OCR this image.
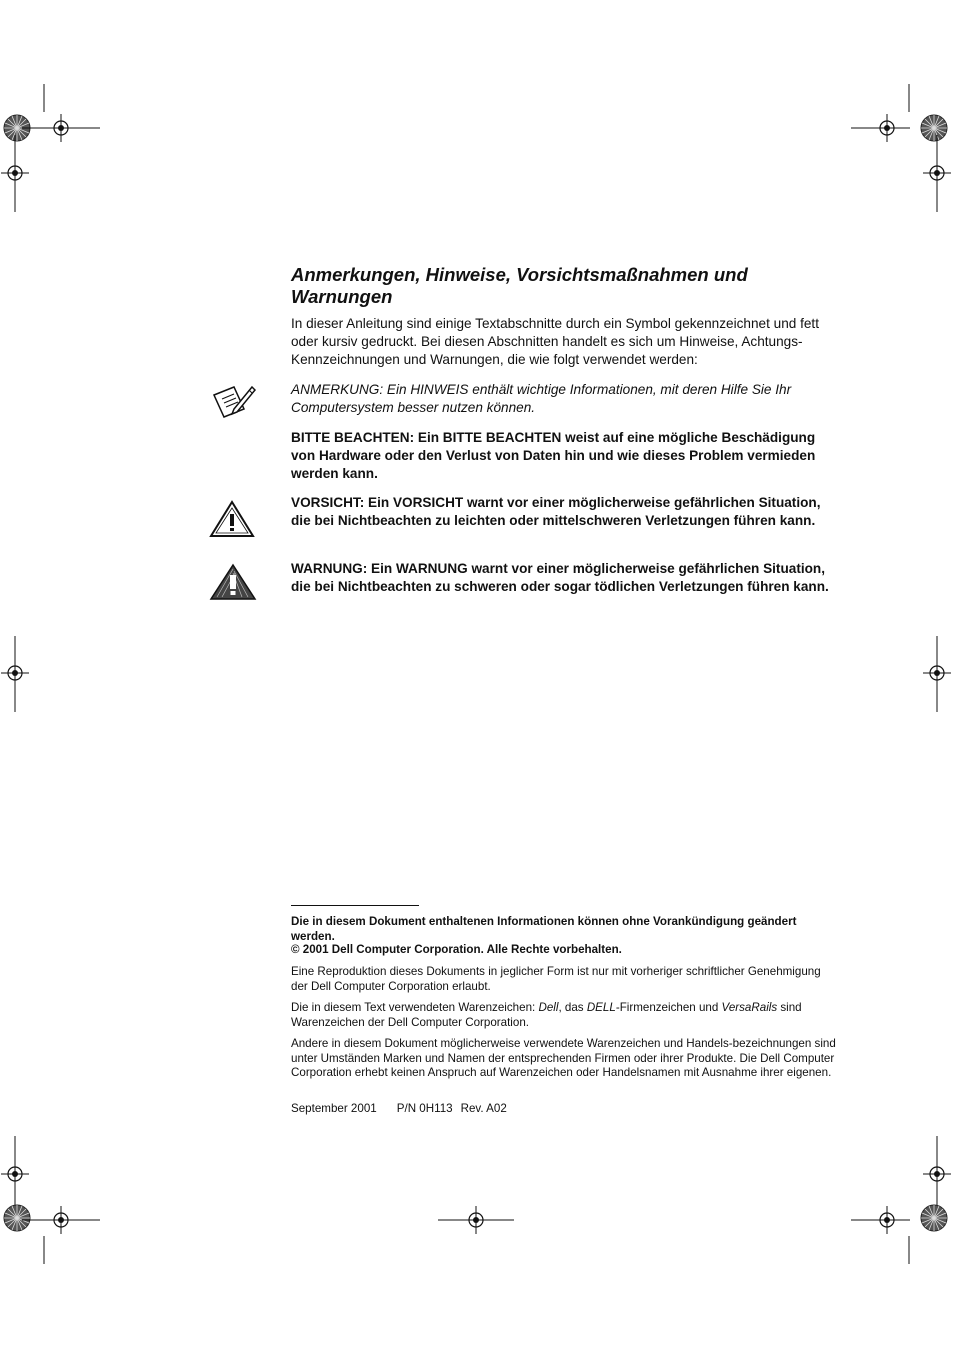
Anmerkungen, Hinweise, Vorsichtsmaßnahmen und Warnungen
In dieser Anleitung sind einige Textabschnitte durch ein Symbol gekennzeichnet und fett oder kursiv gedruckt. Bei diesen Abschnitten handelt es sich um Hinweise, Achtungs-Kennzeichnungen und Warnungen, die wie folgt verwendet werden:
ANMERKUNG: Ein HINWEIS enthält wichtige Informationen, mit deren Hilfe Sie Ihr Computersystem besser nutzen können.
BITTE BEACHTEN: Ein BITTE BEACHTEN weist auf eine mögliche Beschädigung von Hardware oder den Verlust von Daten hin und wie dieses Problem vermieden werden kann.
VORSICHT: Ein VORSICHT warnt vor einer möglicherweise gefährlichen Situation, die bei Nichtbeachten zu leichten oder mittelschweren Verletzungen führen kann.
WARNUNG: Ein WARNUNG warnt vor einer möglicherweise gefährlichen Situation, die bei Nichtbeachten zu schweren oder sogar tödlichen Verletzungen führen kann.
Die in diesem Dokument enthaltenen Informationen können ohne Vorankündigung geändert werden.
© 2001 Dell Computer Corporation. Alle Rechte vorbehalten.
Eine Reproduktion dieses Dokuments in jeglicher Form ist nur mit vorheriger schriftlicher Genehmigung der Dell Computer Corporation erlaubt.
Die in diesem Text verwendeten Warenzeichen: Dell, das DELL-Firmenzeichen und VersaRails sind Warenzeichen der Dell Computer Corporation.
Andere in diesem Dokument möglicherweise verwendete Warenzeichen und Handels-bezeichnungen sind unter Umständen Marken und Namen der entsprechenden Firmen oder ihrer Produkte. Die Dell Computer Corporation erhebt keinen Anspruch auf Warenzeichen oder Handelsnamen mit Ausnahme ihrer eigenen.
September 2001 P/N 0H113 Rev. A02
